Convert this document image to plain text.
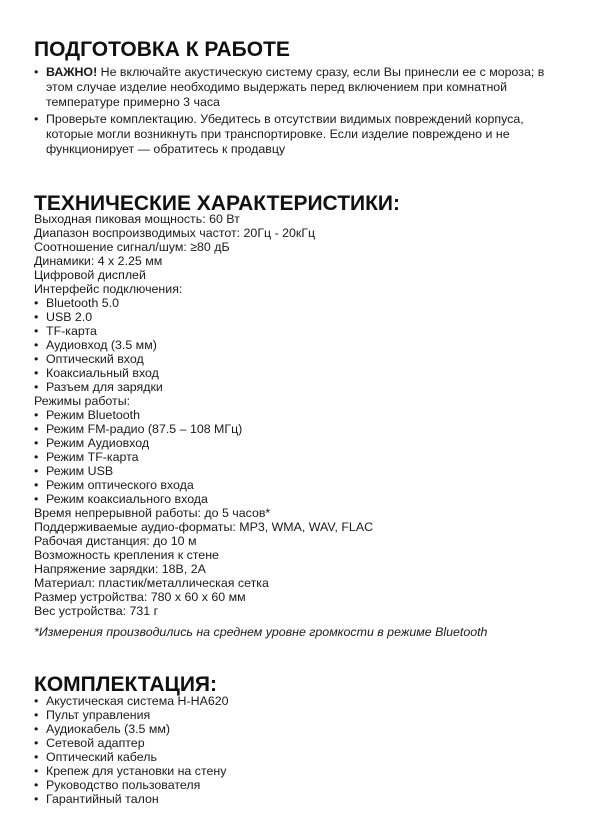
ПОДГОТОВКА К РАБОТЕ
• ВАЖНО! Не включайте акустическую систему сразу, если Вы принесли ее с мороза; в этом случае изделие необходимо выдержать перед включением при комнатной температуре примерно 3 часа
• Проверьте комплектацию. Убедитесь в отсутствии видимых повреждений корпуса, которые могли возникнуть при транспортировке. Если изделие повреждено и не функционирует — обратитесь к продавцу
ТЕХНИЧЕСКИЕ ХАРАКТЕРИСТИКИ:
Выходная пиковая мощность: 60 Вт
Диапазон воспроизводимых частот: 20Гц - 20кГц
Соотношение сигнал/шум: ≥80 дБ
Динамики: 4 х 2.25 мм
Цифровой дисплей
Интерфейс подключения:
• Bluetooth 5.0
• USB 2.0
• TF-карта
• Аудиовход (3.5 мм)
• Оптический вход
• Коаксиальный вход
• Разъем для зарядки
Режимы работы:
• Режим Bluetooth
• Режим FM-радио (87.5 – 108 МГц)
• Режим Аудиовход
• Режим TF-карта
• Режим USB
• Режим оптического входа
• Режим коаксиального входа
Время непрерывной работы: до 5 часов*
Поддерживаемые аудио-форматы: MP3, WMA, WAV, FLAC
Рабочая дистанция: до 10 м
Возможность крепления к стене
Напряжение зарядки: 18В, 2А
Материал: пластик/металлическая сетка
Размер устройства: 780 х 60 х 60 мм
Вес устройства: 731 г
*Измерения производились на среднем уровне громкости в режиме Bluetooth
КОМПЛЕКТАЦИЯ:
• Акустическая система H-HA620
• Пульт управления
• Аудиокабель (3.5 мм)
• Сетевой адаптер
• Оптический кабель
• Крепеж для установки на стену
• Руководство пользователя
• Гарантийный талон
